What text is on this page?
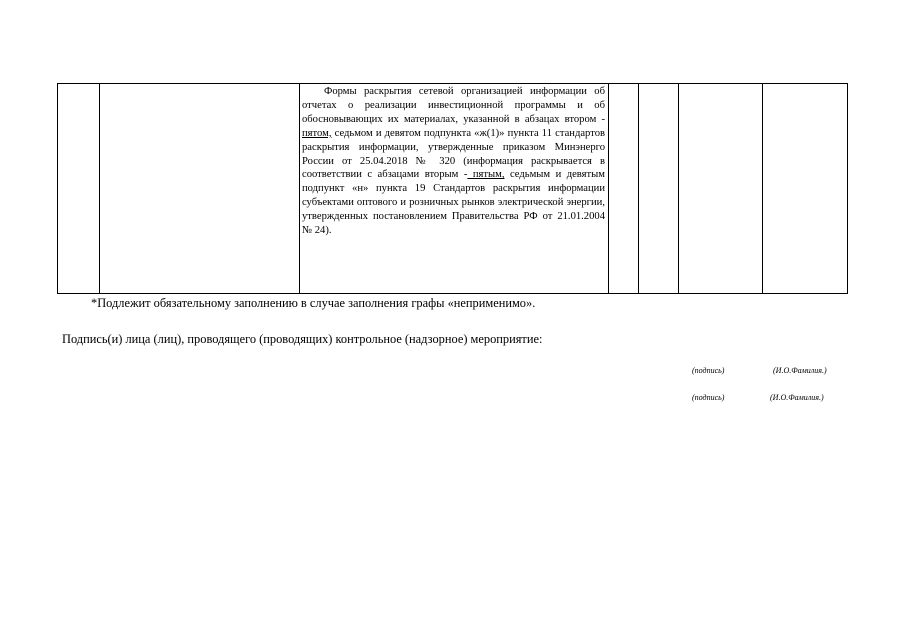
Формы раскрытия сетевой организацией информации об отчетах о реализации инвестиционной программы и об обосновывающих их материалах, указанной в абзацах втором - пятом, седьмом и девятом подпункта «ж(1)» пункта 11 стандартов раскрытия информации, утвержденные приказом Минэнерго России от 25.04.2018 № 320 (информация раскрывается в соответствии с абзацами вторым - пятым, седьмым и девятым подпункт «н» пункта 19 Стандартов раскрытия информации субъектами оптового и розничных рынков электрической энергии, утвержденных постановлением Правительства РФ от 21.01.2004 № 24).

*Подлежит обязательному заполнению в случае заполнения графы «неприменимо».
Подпись(и) лица (лиц), проводящего (проводящих) контрольное (надзорное) мероприятие:
(подпись)	(И.О.Фамилия.)
(подпись)	(И.О.Фамилия.)
